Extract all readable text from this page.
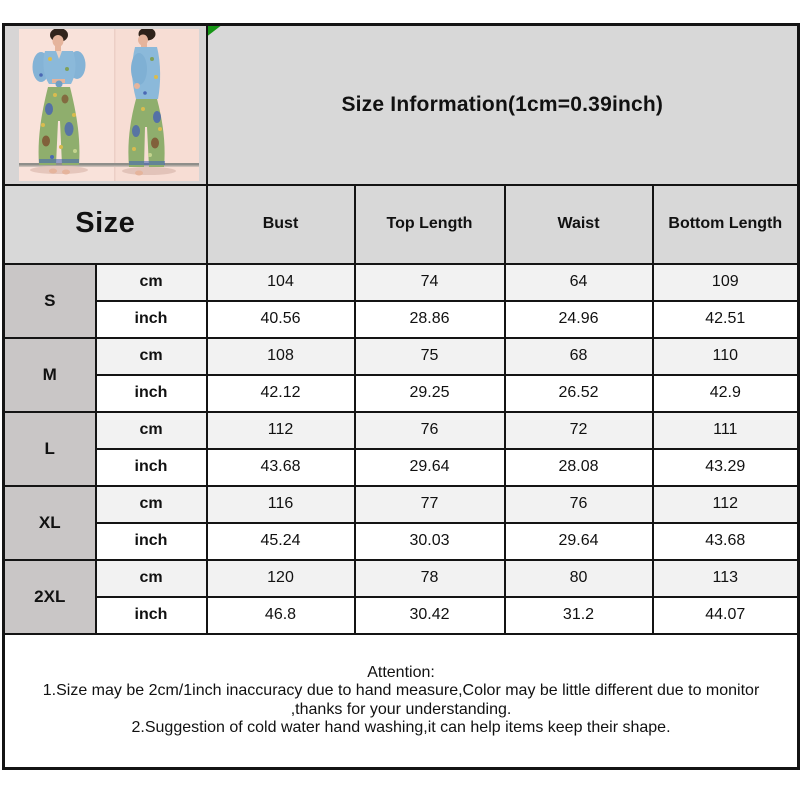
Size Information(1cm=0.39inch)			
Size		Bust	Top Length	Waist	Bottom Length
S	cm	104	74	64	109
	inch	40.56	28.86	24.96	42.51
M	cm	108	75	68	110
	inch	42.12	29.25	26.52	42.9
L	cm	112	76	72	111
	inch	43.68	29.64	28.08	43.29
XL	cm	116	77	76	112
	inch	45.24	30.03	29.64	43.68
2XL	cm	120	78	80	113
	inch	46.8	30.42	31.2	44.07

Attention:
1.Size may be 2cm/1inch inaccuracy due to hand measure,Color may be little different due to monitor
,thanks for your understanding.
2.Suggestion of cold water hand washing,it can help items keep their shape.					
